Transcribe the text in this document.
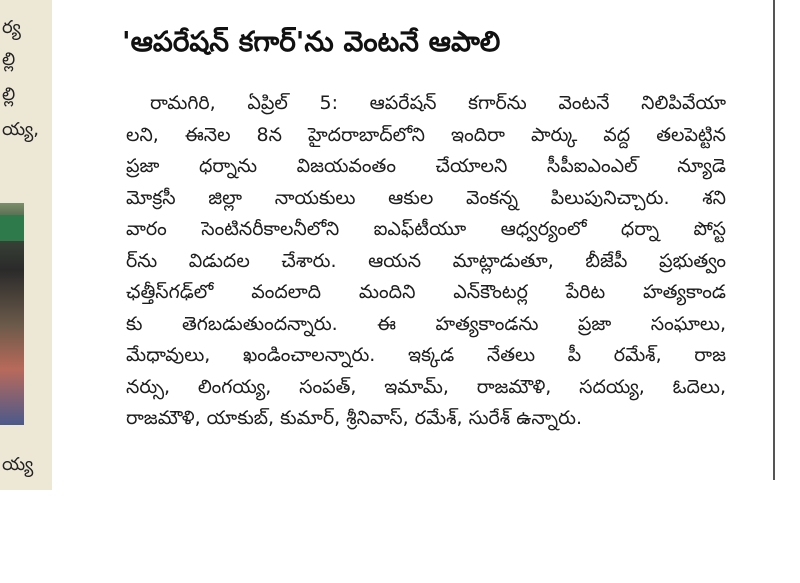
ర్య
ల్లి
ల్లి
య్య,
య్య
'ఆపరేషన్ కగార్'ను వెంటనే ఆపాలి
రామగిరి, ఏప్రిల్ 5: ఆపరేషన్ కగార్‌ను వెంటనే నిలిపివేయా
లని, ఈనెల 8న హైదరాబాద్‌లోని ఇందిరా పార్కు వద్ద తలపెట్టిన
ప్రజా ధర్నాను విజయవంతం చేయాలని సీపీఐఎంఎల్ న్యూడె
మోక్రసీ జిల్లా నాయకులు ఆకుల వెంకన్న పిలుపునిచ్చారు. శని
వారం సెంటినరీకాలనీలోని ఐఎఫ్‌టీయూ ఆధ్వర్యంలో ధర్నా పోస్ట
ర్‌ను విడుదల చేశారు. ఆయన మాట్లాడుతూ, బీజేపీ ప్రభుత్వం
ఛత్తీస్‌గఢ్‌లో వందలాది మందిని ఎన్‌కౌంటర్ల పేరిట హత్యకాండ
కు తెగబడుతుందన్నారు. ఈ హత్యకాండను ప్రజా సంఘాలు,
మేధావులు, ఖండించాలన్నారు. ఇక్కడ నేతలు పీ రమేశ్, రాజ
నర్సు, లింగయ్య, సంపత్, ఇమామ్, రాజమౌళి, సదయ్య, ఓదెలు,
రాజమౌళి, యాకుబ్, కుమార్, శ్రీనివాస్, రమేశ్, సురేశ్ ఉన్నారు.
